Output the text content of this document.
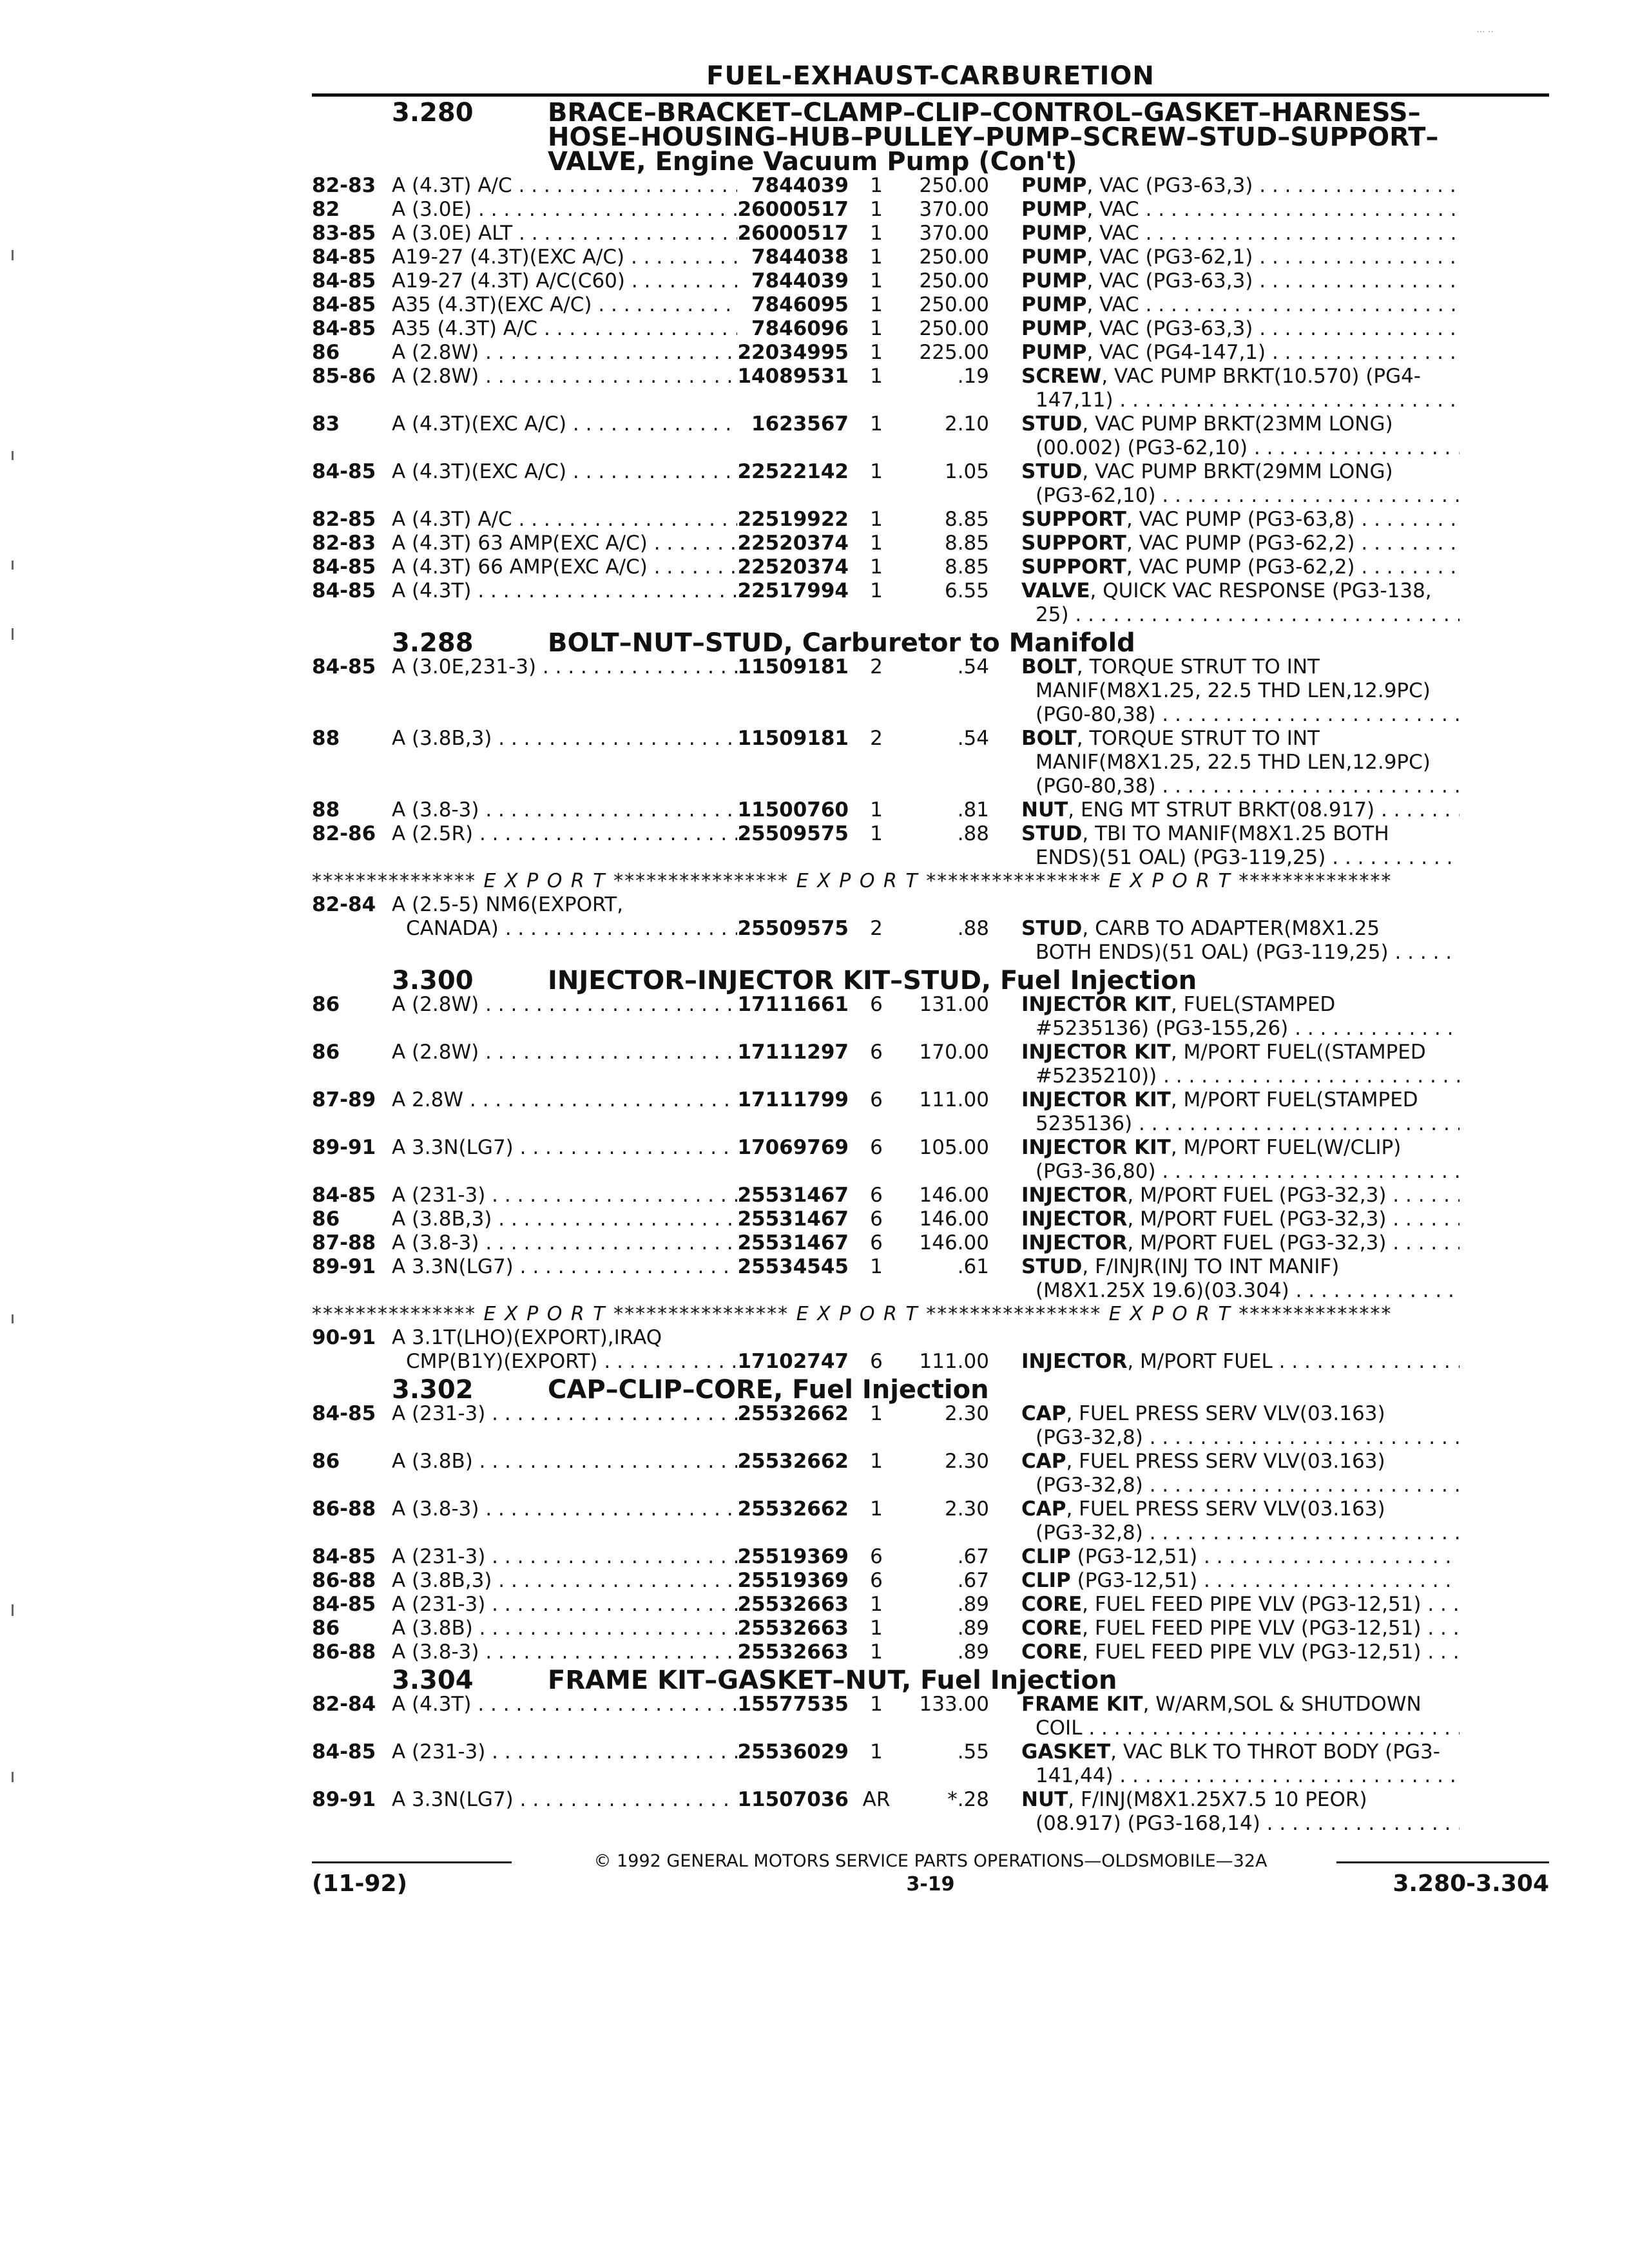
... ..
FUEL-EXHAUST-CARBURETION
3.280	BRACE–BRACKET–CLAMP–CLIP–CONTROL–GASKET–HARNESS–
HOSE–HOUSING–HUB–PULLEY–PUMP–SCREW–STUD–SUPPORT–
VALVE, Engine Vacuum Pump (Con't)
82-83 A (4.3T) A/C . . .	7844039	1	250.00 PUMP, VAC (PG3-63,3) . . .
82	A (3.0E) . . .	26000517	1	370.00 PUMP, VAC . . .
83-85 A (3.0E) ALT . . .	26000517	1	370.00 PUMP, VAC . . .
84-85 A19-27 (4.3T)(EXC A/C) . . .	7844038	1	250.00 PUMP, VAC (PG3-62,1) . . .
84-85 A19-27 (4.3T) A/C(C60) . . .	7844039	1	250.00 PUMP, VAC (PG3-63,3) . . .
84-85 A35 (4.3T)(EXC A/C) . . .	7846095	1	250.00 PUMP, VAC . . .
84-85 A35 (4.3T) A/C . . .	7846096	1	250.00 PUMP, VAC (PG3-63,3) . . .
86	A (2.8W) . . .	22034995	1	225.00 PUMP, VAC (PG4-147,1) . . .
85-86 A (2.8W) . . .	14089531	1	.19 SCREW, VAC PUMP BRKT(10.570) (PG4-
147,11) . . .
83	A (4.3T)(EXC A/C) . . .	1623567	1	2.10 STUD, VAC PUMP BRKT(23MM LONG)
(00.002) (PG3-62,10) . . .
84-85 A (4.3T)(EXC A/C) . . .	22522142	1	1.05 STUD, VAC PUMP BRKT(29MM LONG)
(PG3-62,10) . . .
82-85 A (4.3T) A/C . . .	22519922	1	8.85 SUPPORT, VAC PUMP (PG3-63,8) . . .
82-83 A (4.3T) 63 AMP(EXC A/C) . . .	22520374	1	8.85 SUPPORT, VAC PUMP (PG3-62,2) . . .
84-85 A (4.3T) 66 AMP(EXC A/C) . . .	22520374	1	8.85 SUPPORT, VAC PUMP (PG3-62,2) . . .
84-85 A (4.3T) . . .	22517994	1	6.55 VALVE, QUICK VAC RESPONSE (PG3-138,
25) . . .
3.288	BOLT–NUT–STUD, Carburetor to Manifold
84-85 A (3.0E,231-3) . . .	11509181	2	.54 BOLT, TORQUE STRUT TO INT
MANIF(M8X1.25, 22.5 THD LEN,12.9PC)
(PG0-80,38) . . .
88	A (3.8B,3) . . .	11509181	2	.54 BOLT, TORQUE STRUT TO INT
MANIF(M8X1.25, 22.5 THD LEN,12.9PC)
(PG0-80,38) . . .
88	A (3.8-3) . . .	11500760	1	.81 NUT, ENG MT STRUT BRKT(08.917) . . .
82-86 A (2.5R) . . .	25509575	1	.88 STUD, TBI TO MANIF(M8X1.25 BOTH
ENDS)(51 OAL) (PG3-119,25) . . .
*************** E X P O R T **************** E X P O R T **************** E X P O R T **************
82-84 A (2.5-5) NM6(EXPORT,
CANADA) . . .	25509575	2	.88 STUD, CARB TO ADAPTER(M8X1.25
BOTH ENDS)(51 OAL) (PG3-119,25) . . .
3.300	INJECTOR–INJECTOR KIT–STUD, Fuel Injection
86	A (2.8W) . . .	17111661	6	131.00 INJECTOR KIT, FUEL(STAMPED
#5235136) (PG3-155,26) . . .
86	A (2.8W) . . .	17111297	6	170.00 INJECTOR KIT, M/PORT FUEL((STAMPED
#5235210)) . . .
87-89 A 2.8W . . .	17111799	6	111.00 INJECTOR KIT, M/PORT FUEL(STAMPED
5235136) . . .
89-91 A 3.3N(LG7) . . .	17069769	6	105.00 INJECTOR KIT, M/PORT FUEL(W/CLIP)
(PG3-36,80) . . .
84-85 A (231-3) . . .	25531467	6	146.00 INJECTOR, M/PORT FUEL (PG3-32,3) . . .
86	A (3.8B,3) . . .	25531467	6	146.00 INJECTOR, M/PORT FUEL (PG3-32,3) . . .
87-88 A (3.8-3) . . .	25531467	6	146.00 INJECTOR, M/PORT FUEL (PG3-32,3) . . .
89-91 A 3.3N(LG7) . . .	25534545	1	.61 STUD, F/INJR(INJ TO INT MANIF)
(M8X1.25X 19.6)(03.304) . . .
*************** E X P O R T **************** E X P O R T **************** E X P O R T **************
90-91 A 3.1T(LHO)(EXPORT),IRAQ
CMP(B1Y)(EXPORT) . . .	17102747	6	111.00 INJECTOR, M/PORT FUEL . . .
3.302	CAP–CLIP–CORE, Fuel Injection
84-85 A (231-3) . . .	25532662	1	2.30 CAP, FUEL PRESS SERV VLV(03.163)
(PG3-32,8) . . .
86	A (3.8B) . . .	25532662	1	2.30 CAP, FUEL PRESS SERV VLV(03.163)
(PG3-32,8) . . .
86-88 A (3.8-3) . . .	25532662	1	2.30 CAP, FUEL PRESS SERV VLV(03.163)
(PG3-32,8) . . .
84-85 A (231-3) . . .	25519369	6	.67 CLIP (PG3-12,51) . . .
86-88 A (3.8B,3) . . .	25519369	6	.67 CLIP (PG3-12,51) . . .
84-85 A (231-3) . . .	25532663	1	.89 CORE, FUEL FEED PIPE VLV (PG3-12,51) . . .
86	A (3.8B) . . .	25532663	1	.89 CORE, FUEL FEED PIPE VLV (PG3-12,51) . . .
86-88 A (3.8-3) . . .	25532663	1	.89 CORE, FUEL FEED PIPE VLV (PG3-12,51) . . .
3.304	FRAME KIT–GASKET–NUT, Fuel Injection
82-84 A (4.3T) . . .	15577535	1	133.00 FRAME KIT, W/ARM,SOL & SHUTDOWN
COIL . . .
84-85 A (231-3) . . .	25536029	1	.55 GASKET, VAC BLK TO THROT BODY (PG3-
141,44) . . .
89-91 A 3.3N(LG7) . . .	11507036 AR	*.28 NUT, F/INJ(M8X1.25X7.5 10 PEOR)
(08.917) (PG3-168,14) . . .
© 1992 GENERAL MOTORS SERVICE PARTS OPERATIONS—OLDSMOBILE—32A
(11-92)	3-19	3.280-3.304
